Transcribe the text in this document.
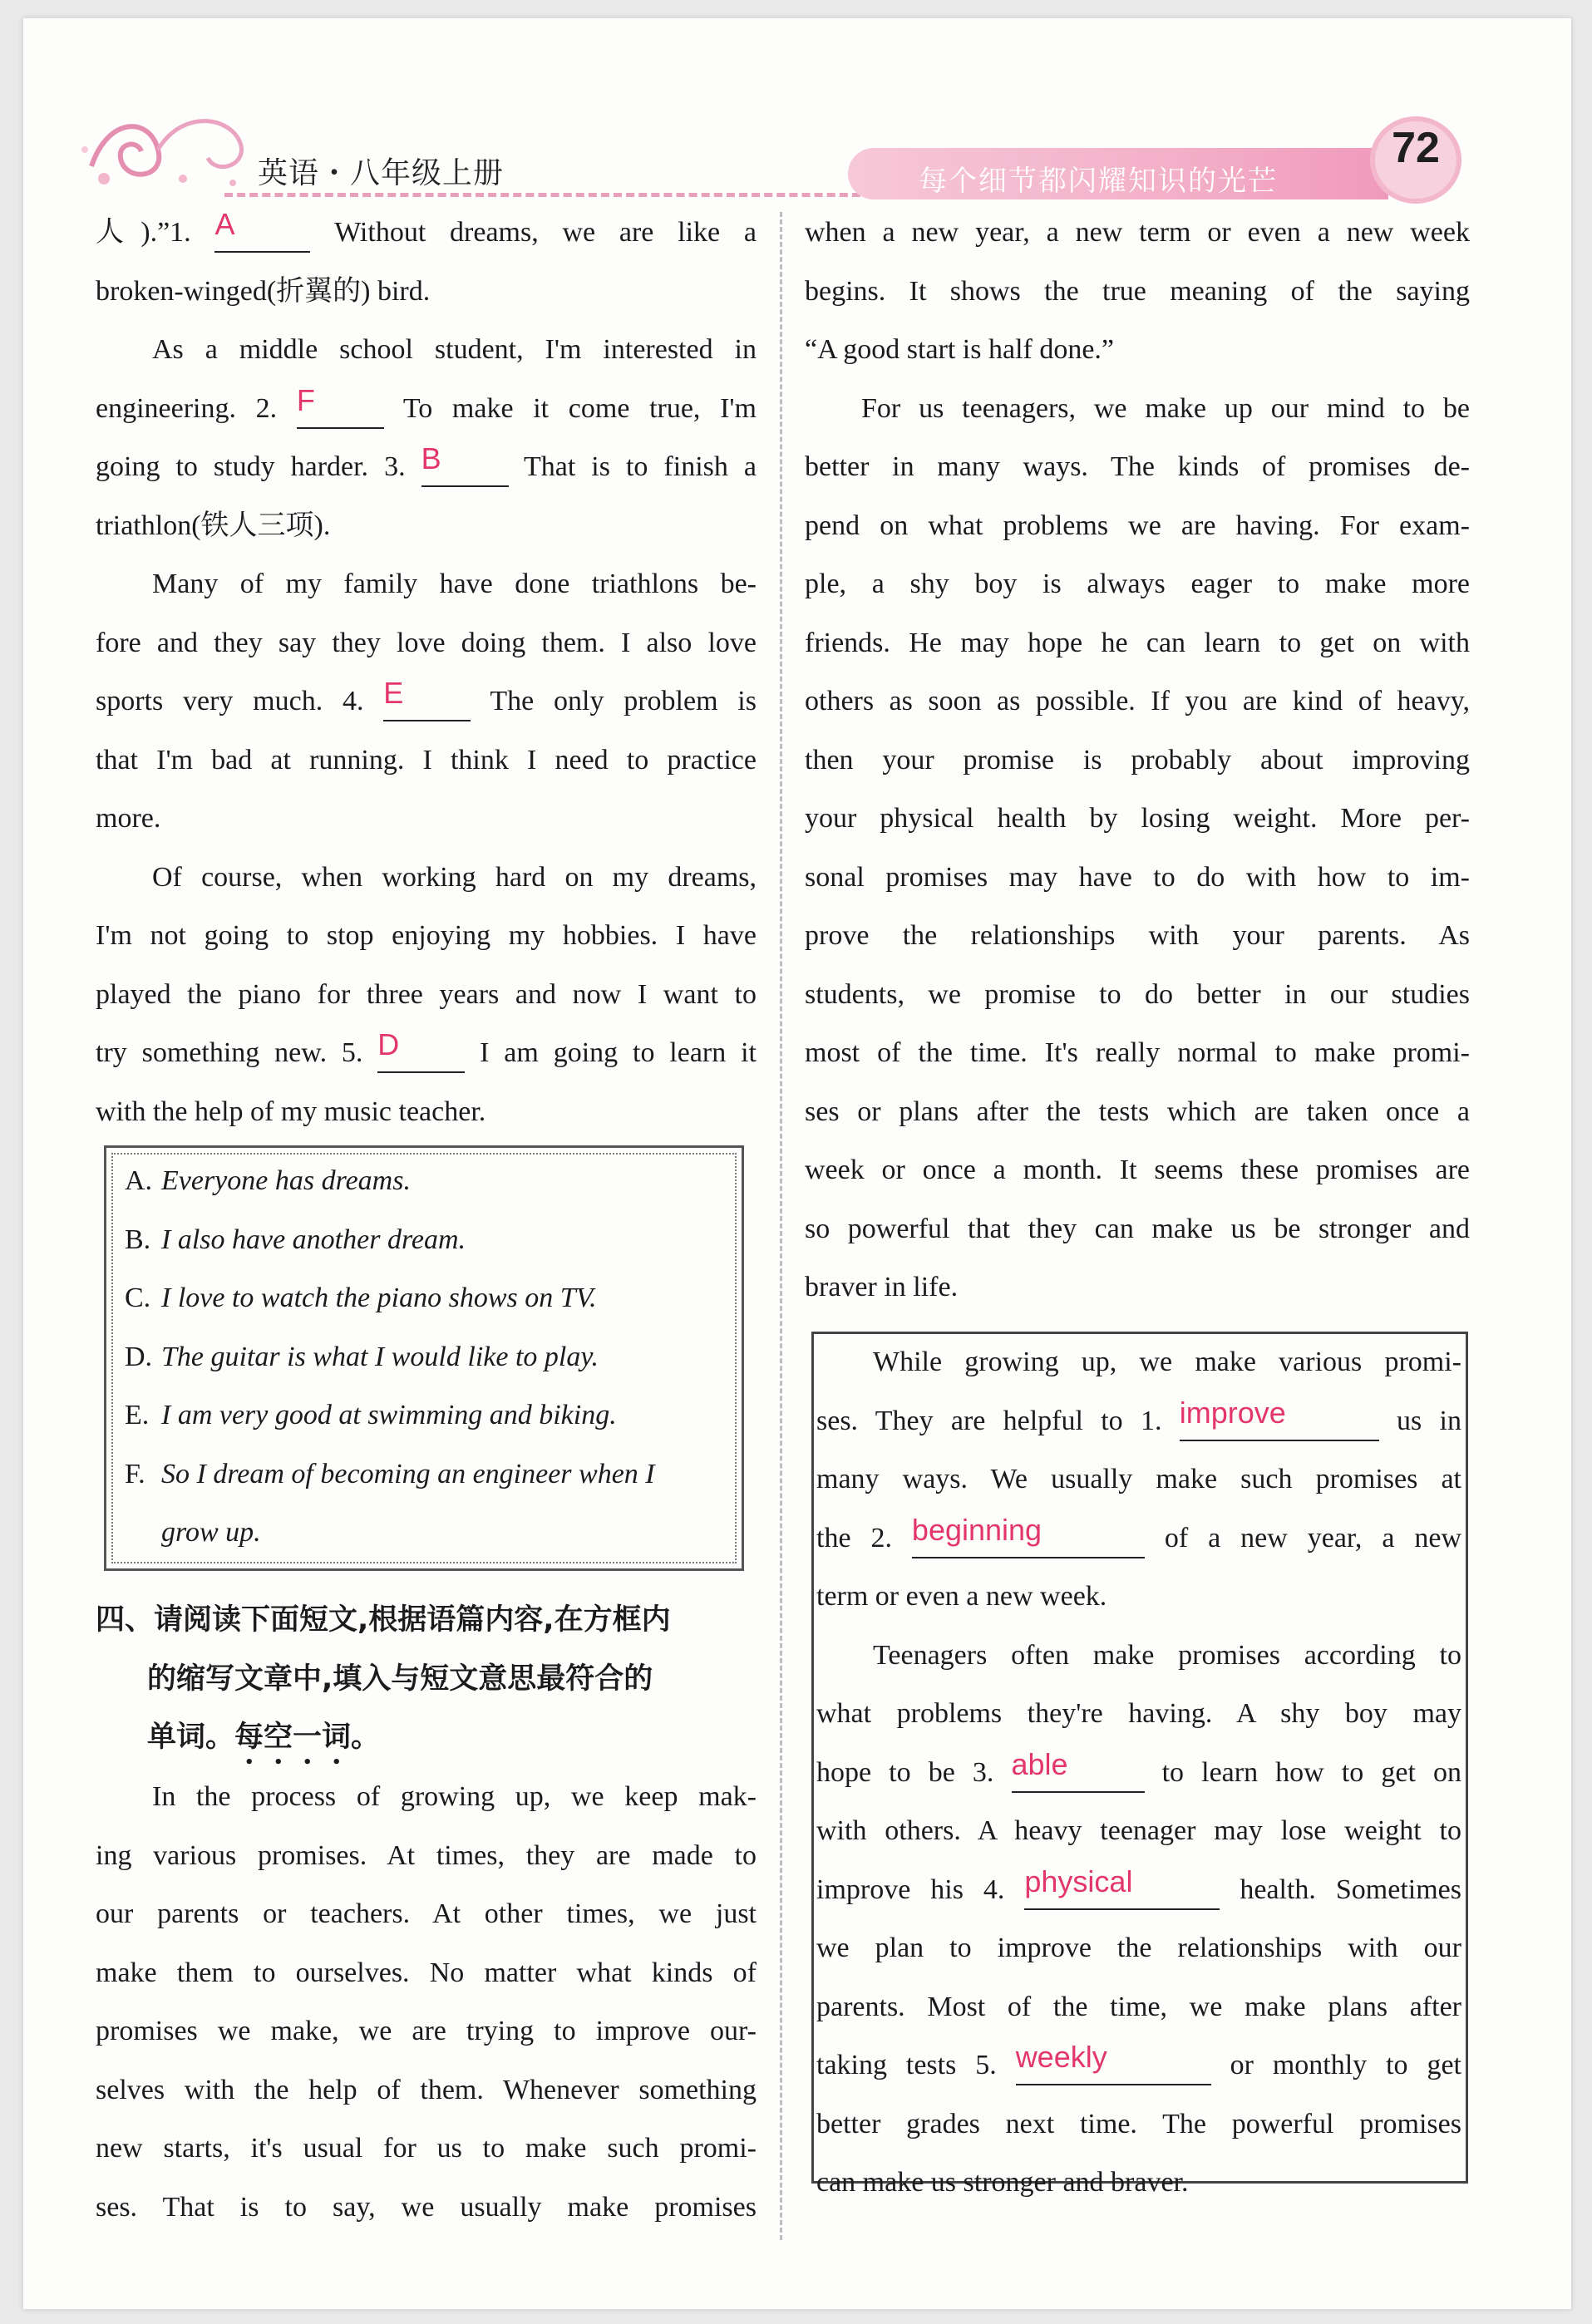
英语・八年级上册	每个细节都闪耀知识的光芒
72

人).”1. A	Without dreams, we are like a

broken-winged(折翼的) bird.

As a middle school student, I'm interested in

engineering. 2. F To make it come true, I'm

going to study harder. 3. B That is to finish a

triathlon(铁人三项).

Many of my family have done triathlons be-

fore and they say they love doing them. I also love

sports very much. 4. E The only problem is

that I'm bad at running. I think I need to practice

more.

Of course, when working hard on my dreams,

I'm not going to stop enjoying my hobbies. I have

played the piano for three years and now I want to

try something new. 5. D I am going to learn it

with the help of my music teacher.

A. Everyone has dreams.
B. I also have another dream.
C. I love to watch the piano shows on TV.
D. The guitar is what I would like to play.
E. I am very good at swimming and biking.
F. So I dream of becoming an engineer when I
grow up.
四、请阅读下面短文,根据语篇内容,在方框内
的缩写文章中,填入与短文意思最符合的
单词。每空一词。

In the process of growing up, we keep mak-

ing various promises. At times, they are made to

our parents or teachers. At other times, we just

make them to ourselves. No matter what kinds of

promises we make, we are trying to improve our-

selves with the help of them. Whenever something

new starts, it's usual for us to make such promi-

ses. That is to say, we usually make promises

when a new year, a new term or even a new week

begins. It shows the true meaning of the saying

“A good start is half done.”

For us teenagers, we make up our mind to be

better in many ways. The kinds of promises de-

pend on what problems we are having. For exam-

ple, a shy boy is always eager to make more

friends. He may hope he can learn to get on with

others as soon as possible. If you are kind of heavy,

then your promise is probably about improving

your physical health by losing weight. More per-

sonal promises may have to do with how to im-

prove the relationships with your parents. As

students, we promise to do better in our studies

most of the time. It's really normal to make promi-

ses or plans after the tests which are taken once a

week or once a month. It seems these promises are

so powerful that they can make us be stronger and

braver in life.

While growing up, we make various promi-

ses. They are helpful to 1. improve	us in

many ways. We usually make such promises at

the 2. beginning	of a new year, a new

term or even a new week.

Teenagers often make promises according to

what problems they're having. A shy boy may

hope to be 3. able	to learn how to get on

with others. A heavy teenager may lose weight to

improve his 4. physical	health. Sometimes

we plan to improve the relationships with our

parents. Most of the time, we make plans after

taking tests 5. weekly	or monthly to get

better grades next time. The powerful promises

can make us stronger and braver.
